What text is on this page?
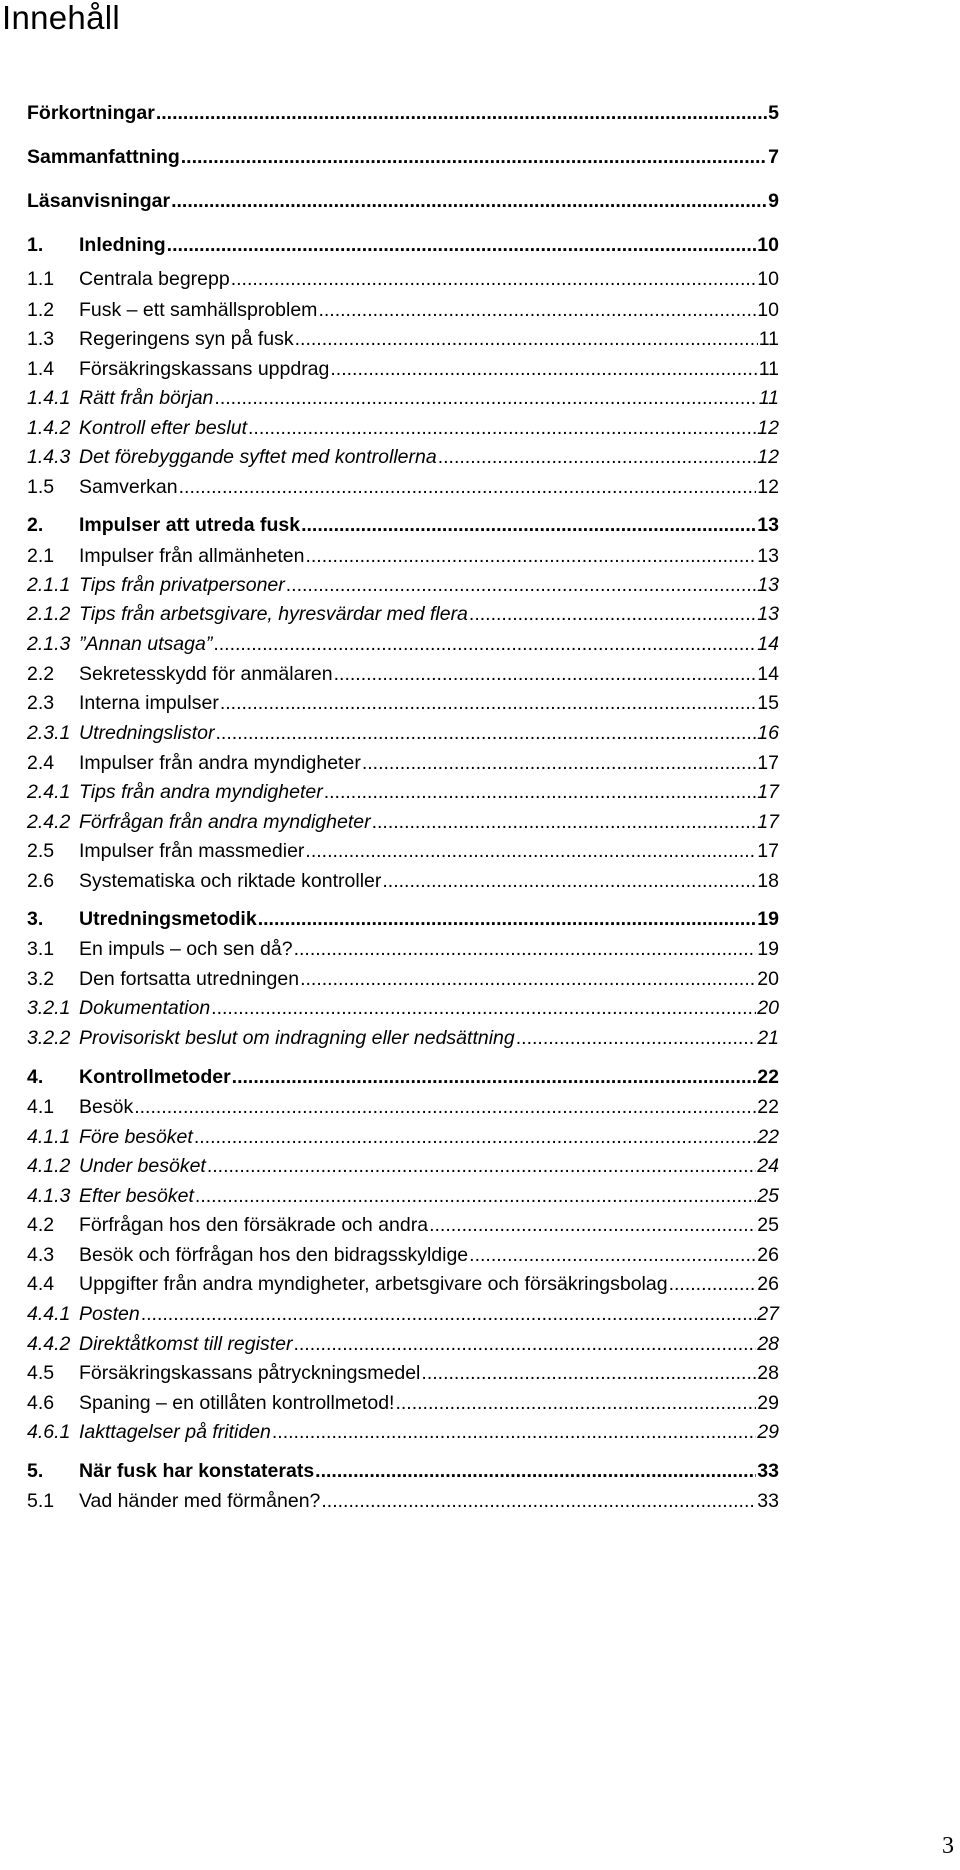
Innehåll
Förkortningar .....	5
Sammanfattning .....	7
Läsanvisningar .....	9
1.	Inledning .....	10
1.1	Centrala begrepp .....	10
1.2	Fusk – ett samhällsproblem .....	10
1.3	Regeringens syn på fusk .....	11
1.4	Försäkringskassans uppdrag .....	11
1.4.1 Rätt från början .....	11
1.4.2 Kontroll efter beslut .....	12
1.4.3 Det förebyggande syftet med kontrollerna .....	12
1.5	Samverkan .....	12
2.	Impulser att utreda fusk .....	13
2.1	Impulser från allmänheten .....	13
2.1.1 Tips från privatpersoner .....	13
2.1.2 Tips från arbetsgivare, hyresvärdar med flera .....	13
2.1.3 ”Annan utsaga” .....	14
2.2	Sekretesskydd för anmälaren .....	14
2.3	Interna impulser .....	15
2.3.1 Utredningslistor .....	16
2.4	Impulser från andra myndigheter .....	17
2.4.1 Tips från andra myndigheter .....	17
2.4.2 Förfrågan från andra myndigheter .....	17
2.5	Impulser från massmedier .....	17
2.6	Systematiska och riktade kontroller .....	18
3.	Utredningsmetodik .....	19
3.1	En impuls – och sen då? .....	19
3.2	Den fortsatta utredningen .....	20
3.2.1 Dokumentation .....	20
3.2.2 Provisoriskt beslut om indragning eller nedsättning .....	21
4.	Kontrollmetoder .....	22
4.1	Besök .....	22
4.1.1 Före besöket .....	22
4.1.2 Under besöket .....	24
4.1.3 Efter besöket .....	25
4.2	Förfrågan hos den försäkrade och andra .....	25
4.3	Besök och förfrågan hos den bidragsskyldige .....	26
4.4	Uppgifter från andra myndigheter, arbetsgivare och försäkringsbolag .....	26
4.4.1 Posten .....	27
4.4.2 Direktåtkomst till register .....	28
4.5	Försäkringskassans påtryckningsmedel .....	28
4.6	Spaning – en otillåten kontrollmetod! .....	29
4.6.1 Iakttagelser på fritiden .....	29
5.	När fusk har konstaterats .....	33
5.1	Vad händer med förmånen? .....	33
3
